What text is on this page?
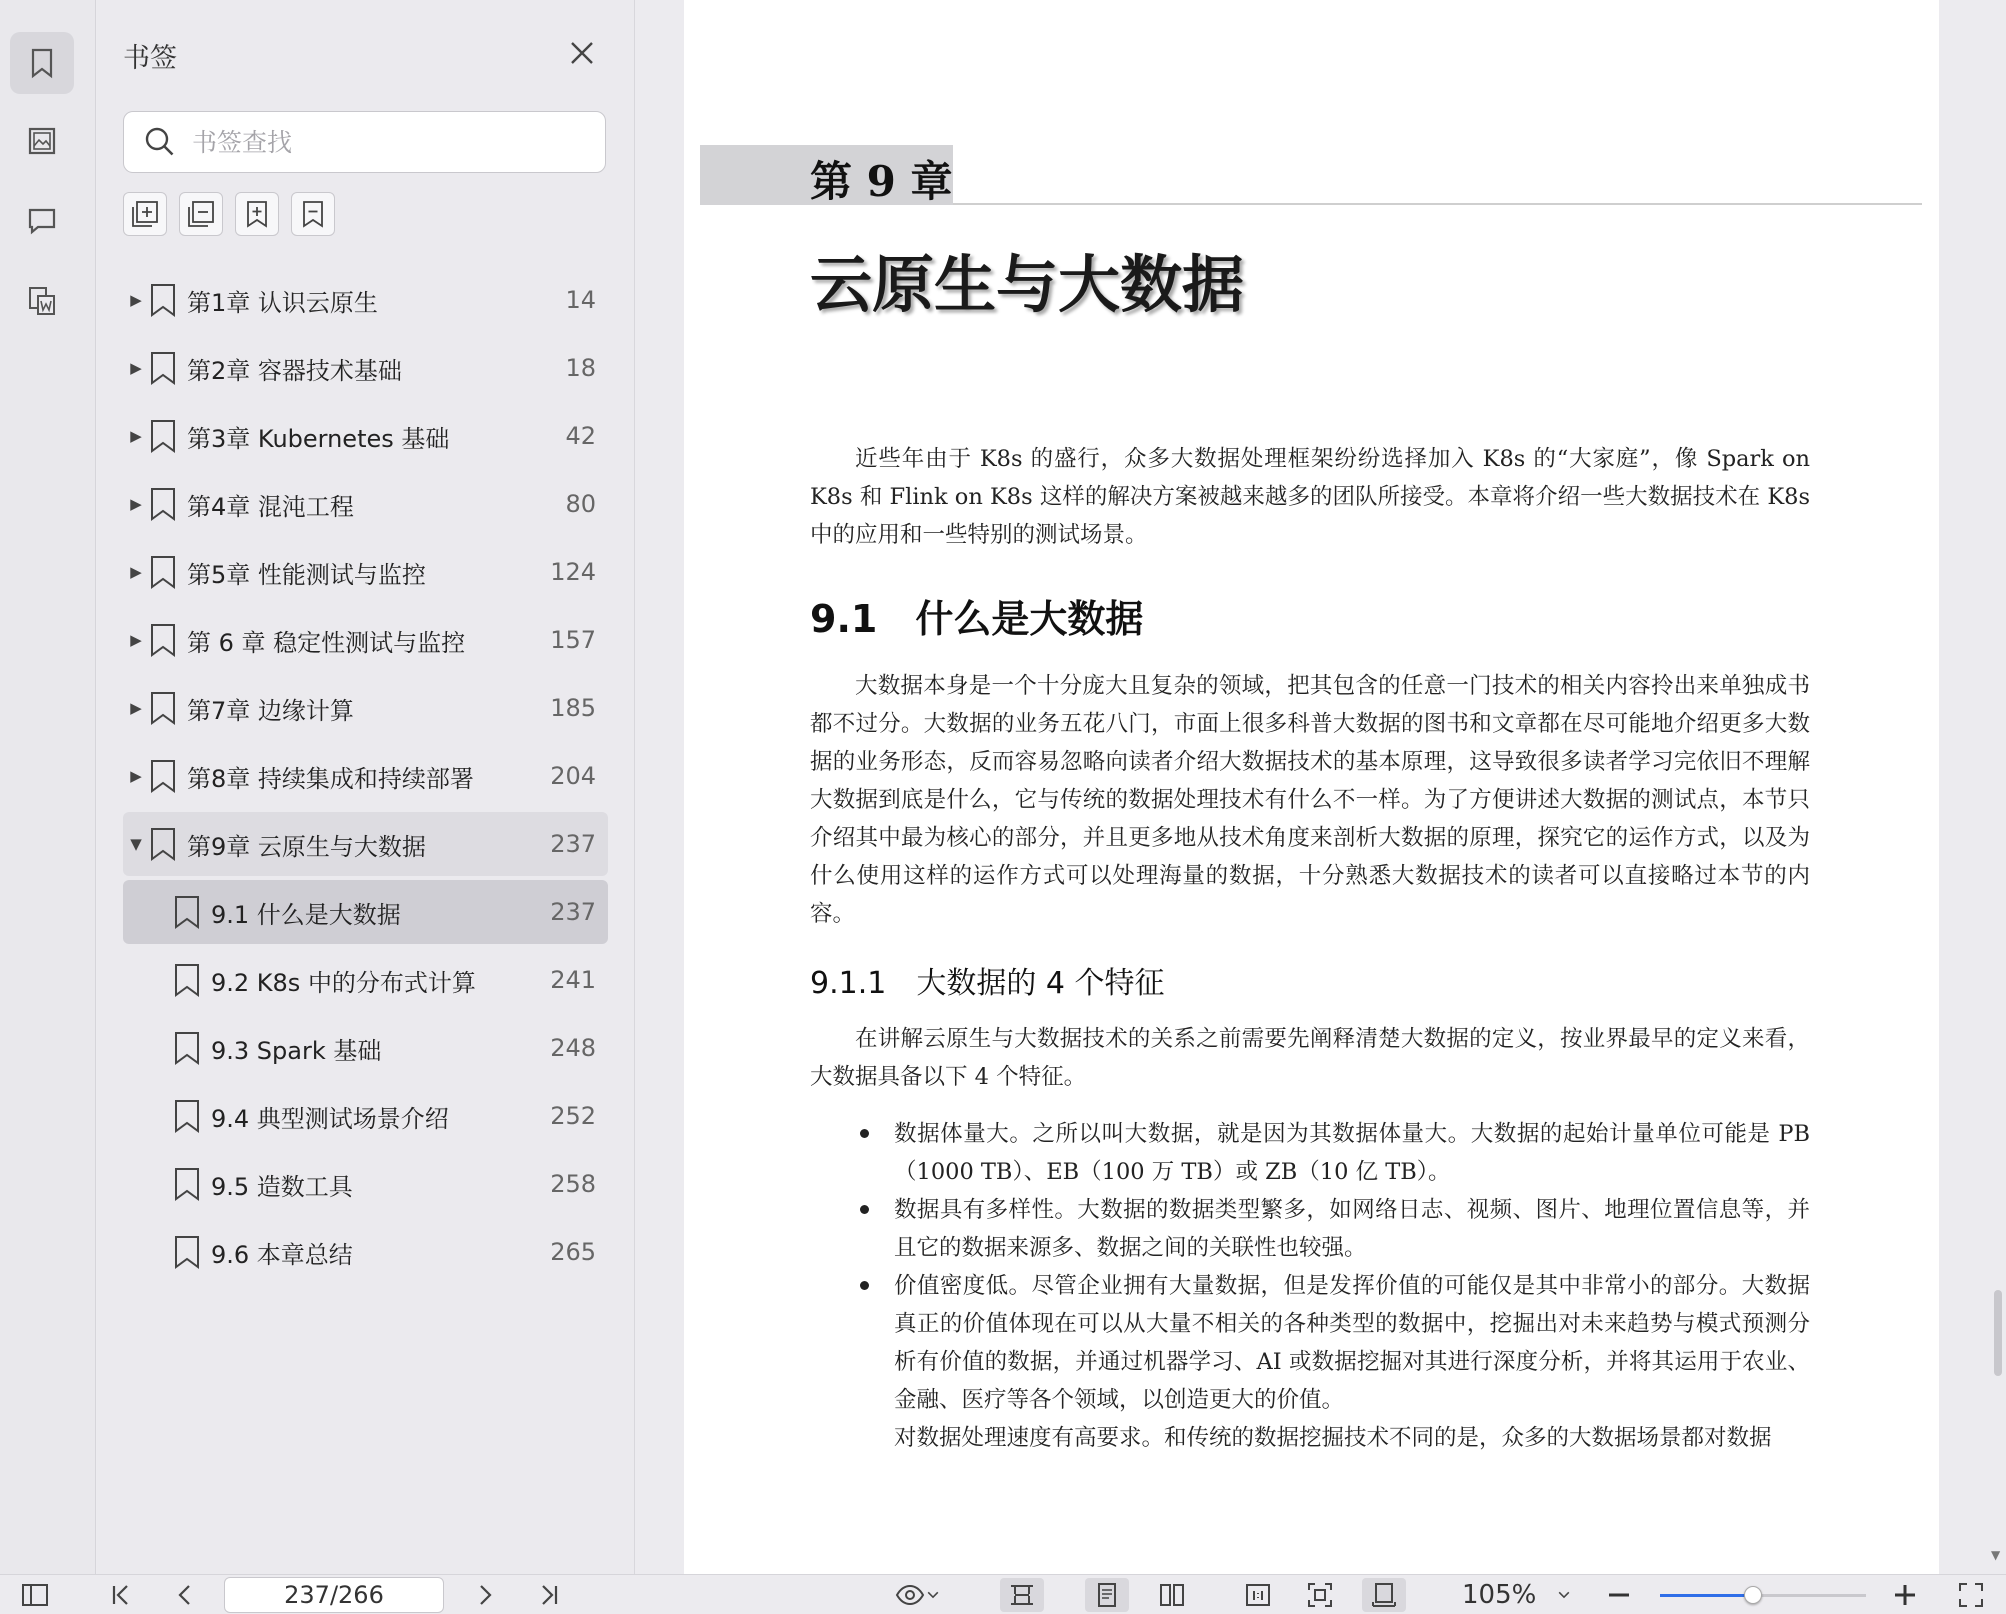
书签
书签查找
▶ 第1章 认识云原生	14
▶ 第2章 容器技术基础	18
▶ 第3章 Kubernetes 基础	42
▶ 第4章 混沌工程	80
▶ 第5章 性能测试与监控	124
▶ 第 6 章 稳定性测试与监控	157
▶ 第7章 边缘计算	185
▶ 第8章 持续集成和持续部署	204
▼ 第9章 云原生与大数据	237
9.1 什么是大数据	237
9.2 K8s 中的分布式计算	241
9.3 Spark 基础	248
9.4 典型测试场景介绍	252
9.5 造数工具	258
9.6 本章总结	265
第 9 章
云原生与大数据
近些年由于 K8s 的盛行，众多大数据处理框架纷纷选择加入 K8s 的“大家庭”，像 Spark on K8s 和 Flink on K8s 这样的解决方案被越来越多的团队所接受。本章将介绍一些大数据技术在 K8s 中的应用和一些特别的测试场景。
9.1　什么是大数据
大数据本身是一个十分庞大且复杂的领域，把其包含的任意一门技术的相关内容拎出来单独成书都不过分。大数据的业务五花八门，市面上很多科普大数据的图书和文章都在尽可能地介绍更多大数据的业务形态，反而容易忽略向读者介绍大数据技术的基本原理，这导致很多读者学习完依旧不理解大数据到底是什么，它与传统的数据处理技术有什么不一样。为了方便讲述大数据的测试点，本节只介绍其中最为核心的部分，并且更多地从技术角度来剖析大数据的原理，探究它的运作方式，以及为什么使用这样的运作方式可以处理海量的数据，十分熟悉大数据技术的读者可以直接略过本节的内容。
9.1.1　大数据的 4 个特征
在讲解云原生与大数据技术的关系之前需要先阐释清楚大数据的定义，按业界最早的定义来看，大数据具备以下 4 个特征。
数据体量大。之所以叫大数据，就是因为其数据体量大。大数据的起始计量单位可能是 PB（1000 TB）、EB（100 万 TB）或 ZB（10 亿 TB）。
数据具有多样性。大数据的数据类型繁多，如网络日志、视频、图片、地理位置信息等，并且它的数据来源多、数据之间的关联性也较强。
价值密度低。尽管企业拥有大量数据，但是发挥价值的可能仅是其中非常小的部分。大数据真正的价值体现在可以从大量不相关的各种类型的数据中，挖掘出对未来趋势与模式预测分析有价值的数据，并通过机器学习、AI 或数据挖掘对其进行深度分析，并将其运用于农业、金融、医疗等各个领域，以创造更大的价值。
对数据处理速度有高要求。和传统的数据挖掘技术不同的是，众多的大数据场景都对数据
▼
237/266
105%
